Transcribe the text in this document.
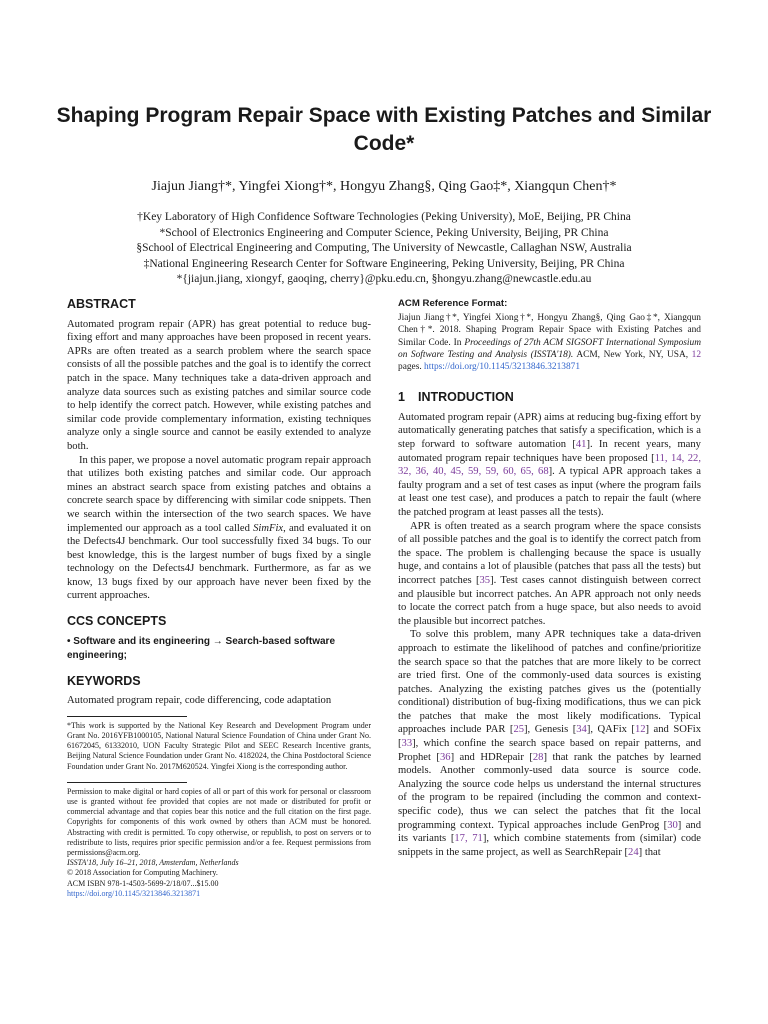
Shaping Program Repair Space with Existing Patches and Similar Code*
Jiajun Jiang†*, Yingfei Xiong†*, Hongyu Zhang§, Qing Gao‡*, Xiangqun Chen†*
†Key Laboratory of High Confidence Software Technologies (Peking University), MoE, Beijing, PR China
*School of Electronics Engineering and Computer Science, Peking University, Beijing, PR China
§School of Electrical Engineering and Computing, The University of Newcastle, Callaghan NSW, Australia
‡National Engineering Research Center for Software Engineering, Peking University, Beijing, PR China
*{jiajun.jiang, xiongyf, gaoqing, cherry}@pku.edu.cn, §hongyu.zhang@newcastle.edu.au
ABSTRACT

Automated program repair (APR) has great potential to reduce bug-fixing effort and many approaches have been proposed in recent years. APRs are often treated as a search problem where the search space consists of all the possible patches and the goal is to identify the correct patch in the space. Many techniques take a data-driven approach and analyze data sources such as existing patches and similar source code to help identify the correct patch. However, while existing patches and similar code provide complementary information, existing techniques analyze only a single source and cannot be easily extended to analyze both.

In this paper, we propose a novel automatic program repair approach that utilizes both existing patches and similar code. Our approach mines an abstract search space from existing patches and obtains a concrete search space by differencing with similar code snippets. Then we search within the intersection of the two search spaces. We have implemented our approach as a tool called SimFix, and evaluated it on the Defects4J benchmark. Our tool successfully fixed 34 bugs. To our best knowledge, this is the largest number of bugs fixed by a single technology on the Defects4J benchmark. Furthermore, as far as we know, 13 bugs fixed by our approach have never been fixed by the current approaches.

CCS CONCEPTS

• Software and its engineering → Search-based software engineering;

KEYWORDS

Automated program repair, code differencing, code adaptation

*This work is supported by the National Key Research and Development Program under Grant No. 2016YFB1000105, National Natural Science Foundation of China under Grant No. 61672045, 61332010, UON Faculty Strategic Pilot and SEEC Research Incentive grants, Beijing Natural Science Foundation under Grant No. 4182024, the China Postdoctoral Science Foundation under Grant No. 2017M620524. Yingfei Xiong is the corresponding author.
Permission to make digital or hard copies of all or part of this work for personal or classroom use is granted without fee provided that copies are not made or distributed for profit or commercial advantage and that copies bear this notice and the full citation on the first page. Copyrights for components of this work owned by others than ACM must be honored. Abstracting with credit is permitted. To copy otherwise, or republish, to post on servers or to redistribute to lists, requires prior specific permission and/or a fee. Request permissions from permissions@acm.org.
ISSTA'18, July 16–21, 2018, Amsterdam, Netherlands
© 2018 Association for Computing Machinery.
ACM ISBN 978-1-4503-5699-2/18/07...$15.00
https://doi.org/10.1145/3213846.3213871
ACM Reference Format:

Jiajun Jiang†*, Yingfei Xiong†*, Hongyu Zhang§, Qing Gao‡*, Xiangqun Chen†*. 2018. Shaping Program Repair Space with Existing Patches and Similar Code. In Proceedings of 27th ACM SIGSOFT International Symposium on Software Testing and Analysis (ISSTA'18). ACM, New York, NY, USA, 12 pages. https://doi.org/10.1145/3213846.3213871

1 INTRODUCTION

Automated program repair (APR) aims at reducing bug-fixing effort by automatically generating patches that satisfy a specification, which is a step forward to software automation [41]. In recent years, many automated program repair techniques have been proposed [11, 14, 22, 32, 36, 40, 45, 59, 59, 60, 65, 68]. A typical APR approach takes a faulty program and a set of test cases as input (where the program fails at least one test case), and produces a patch to repair the fault (where the patched program at least passes all the tests).

APR is often treated as a search program where the space consists of all possible patches and the goal is to identify the correct patch from the space. The problem is challenging because the space is usually huge, and contains a lot of plausible (patches that pass all the tests) but incorrect patches [35]. Test cases cannot distinguish between correct and plausible but incorrect patches. An APR approach not only needs to locate the correct patch from a huge space, but also needs to avoid the plausible but incorrect patches.

To solve this problem, many APR techniques take a data-driven approach to estimate the likelihood of patches and confine/prioritize the search space so that the patches that are more likely to be correct are tried first. One of the commonly-used data sources is existing patches. Analyzing the existing patches gives us the (potentially conditional) distribution of bug-fixing modifications, thus we can pick the patches that make the most likely modifications. Typical approaches include PAR [25], Genesis [34], QAFix [12] and SOFix [33], which confine the search space based on repair patterns, and Prophet [36] and HDRepair [28] that rank the patches by learned models. Another commonly-used data source is source code. Analyzing the source code helps us understand the internal structures of the program to be repaired (including the common and context-specific code), thus we can select the patches that fit the local programming context. Typical approaches include GenProg [30] and its variants [17, 71], which combine statements from (similar) code snippets in the same project, as well as SearchRepair [24] that
